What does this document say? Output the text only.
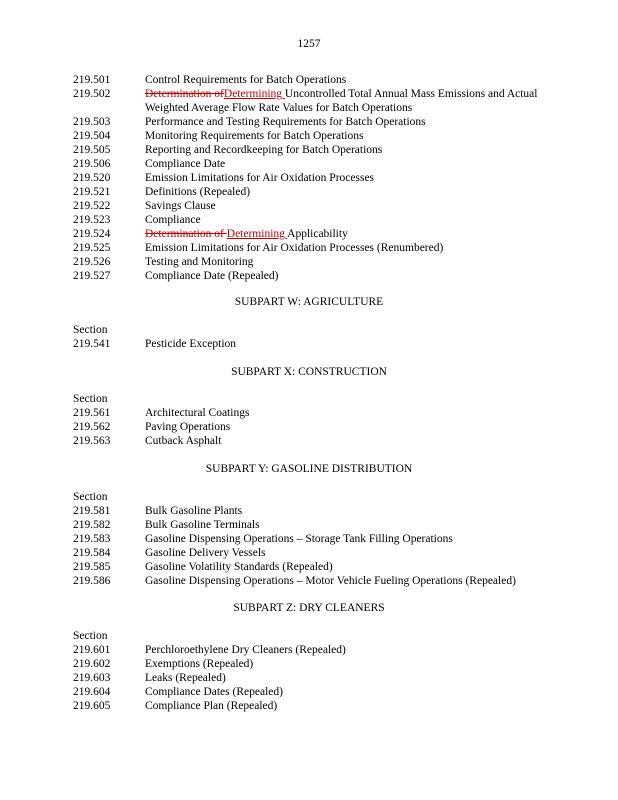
1257
219.501	Control Requirements for Batch Operations
219.502	Determination ofDetermining Uncontrolled Total Annual Mass Emissions and Actual Weighted Average Flow Rate Values for Batch Operations
219.503	Performance and Testing Requirements for Batch Operations
219.504	Monitoring Requirements for Batch Operations
219.505	Reporting and Recordkeeping for Batch Operations
219.506	Compliance Date
219.520	Emission Limitations for Air Oxidation Processes
219.521	Definitions (Repealed)
219.522	Savings Clause
219.523	Compliance
219.524	Determination of Determining Applicability
219.525	Emission Limitations for Air Oxidation Processes (Renumbered)
219.526	Testing and Monitoring
219.527	Compliance Date (Repealed)
SUBPART W: AGRICULTURE
Section
219.541	Pesticide Exception
SUBPART X: CONSTRUCTION
Section
219.561	Architectural Coatings
219.562	Paving Operations
219.563	Cutback Asphalt
SUBPART Y: GASOLINE DISTRIBUTION
Section
219.581	Bulk Gasoline Plants
219.582	Bulk Gasoline Terminals
219.583	Gasoline Dispensing Operations – Storage Tank Filling Operations
219.584	Gasoline Delivery Vessels
219.585	Gasoline Volatility Standards (Repealed)
219.586	Gasoline Dispensing Operations – Motor Vehicle Fueling Operations (Repealed)
SUBPART Z: DRY CLEANERS
Section
219.601	Perchloroethylene Dry Cleaners (Repealed)
219.602	Exemptions (Repealed)
219.603	Leaks (Repealed)
219.604	Compliance Dates (Repealed)
219.605	Compliance Plan (Repealed)
